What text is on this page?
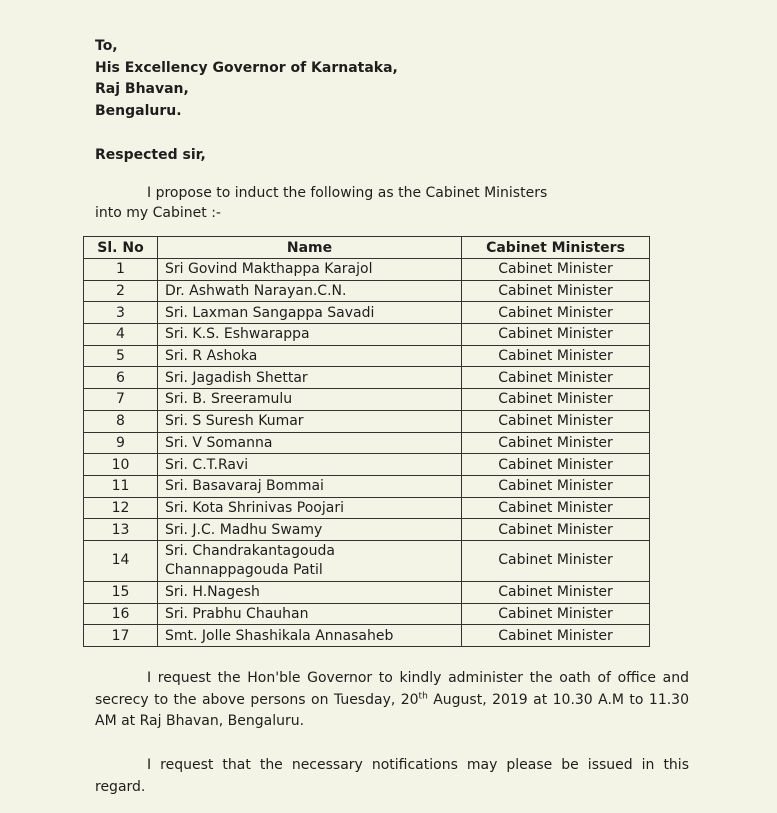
To,
His Excellency Governor of Karnataka,
Raj Bhavan,
Bengaluru.
Respected sir,
I propose to induct the following as the Cabinet Ministers
into my Cabinet :-
Sl. No	Name	Cabinet Ministers
1	Sri Govind Makthappa Karajol	Cabinet Minister
2	Dr. Ashwath Narayan.C.N.	Cabinet Minister
3	Sri. Laxman Sangappa Savadi	Cabinet Minister
4	Sri. K.S. Eshwarappa	Cabinet Minister
5	Sri. R Ashoka	Cabinet Minister
6	Sri. Jagadish Shettar	Cabinet Minister
7	Sri. B. Sreeramulu	Cabinet Minister
8	Sri. S Suresh Kumar	Cabinet Minister
9	Sri. V Somanna	Cabinet Minister
10	Sri. C.T.Ravi	Cabinet Minister
11	Sri. Basavaraj Bommai	Cabinet Minister
12	Sri. Kota Shrinivas Poojari	Cabinet Minister
13	Sri. J.C. Madhu Swamy	Cabinet Minister
14	Sri. Chandrakantagouda
Channappagouda Patil	Cabinet Minister
15	Sri. H.Nagesh	Cabinet Minister
16	Sri. Prabhu Chauhan	Cabinet Minister
17	Smt. Jolle Shashikala Annasaheb	Cabinet Minister
I request the Hon'ble Governor to kindly administer the oath of office and secrecy to the above persons on Tuesday, 20th August, 2019 at 10.30 A.M to 11.30 AM at Raj Bhavan, Bengaluru.
I request that the necessary notifications may please be issued in this regard.
